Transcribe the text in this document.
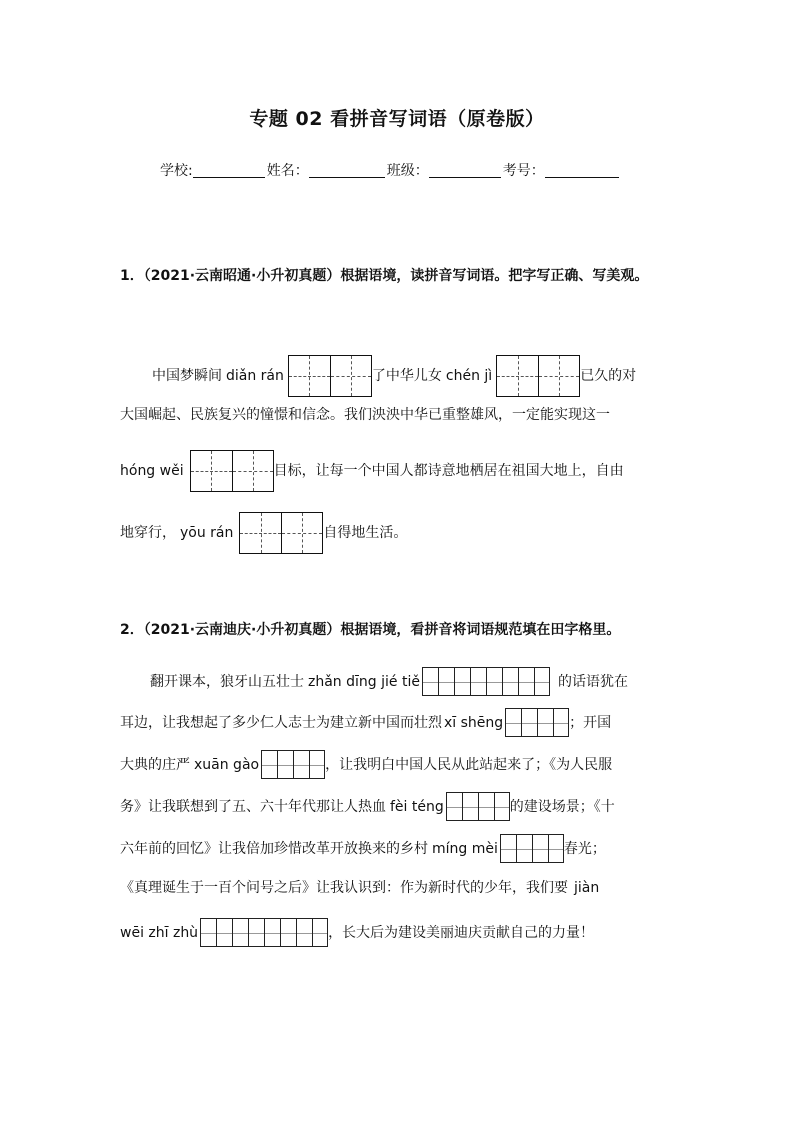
专题 02 看拼音写词语（原卷版）
学校:	姓名：	班级：	考号：
1．（2021·云南昭通·小升初真题）根据语境，读拼音写词语。把字写正确、写美观。
中国梦瞬间 diǎn rán	了中华儿女 chén jì	已久的对
大国崛起、民族复兴的憧憬和信念。我们泱泱中华已重整雄风，一定能实现这一
hóng wěi	目标，让每一个中国人都诗意地栖居在祖国大地上，自由
地穿行， yōu rán	自得地生活。
2．（2021·云南迪庆·小升初真题）根据语境，看拼音将词语规范填在田字格里。
翻开课本，狼牙山五壮士 zhǎn dīng jié tiě	的话语犹在
耳边，让我想起了多少仁人志士为建立新中国而壮烈 xī shēng	；开国
大典的庄严 xuān gào	，让我明白中国人民从此站起来了；《为人民服
务》让我联想到了五、六十年代那让人热血 fèi téng	的建设场景；《十
六年前的回忆》让我倍加珍惜改革开放换来的乡村 míng mèi	春光；
《真理诞生于一百个问号之后》让我认识到：作为新时代的少年，我们要 jiàn
wēi zhī zhù	，长大后为建设美丽迪庆贡献自己的力量！
